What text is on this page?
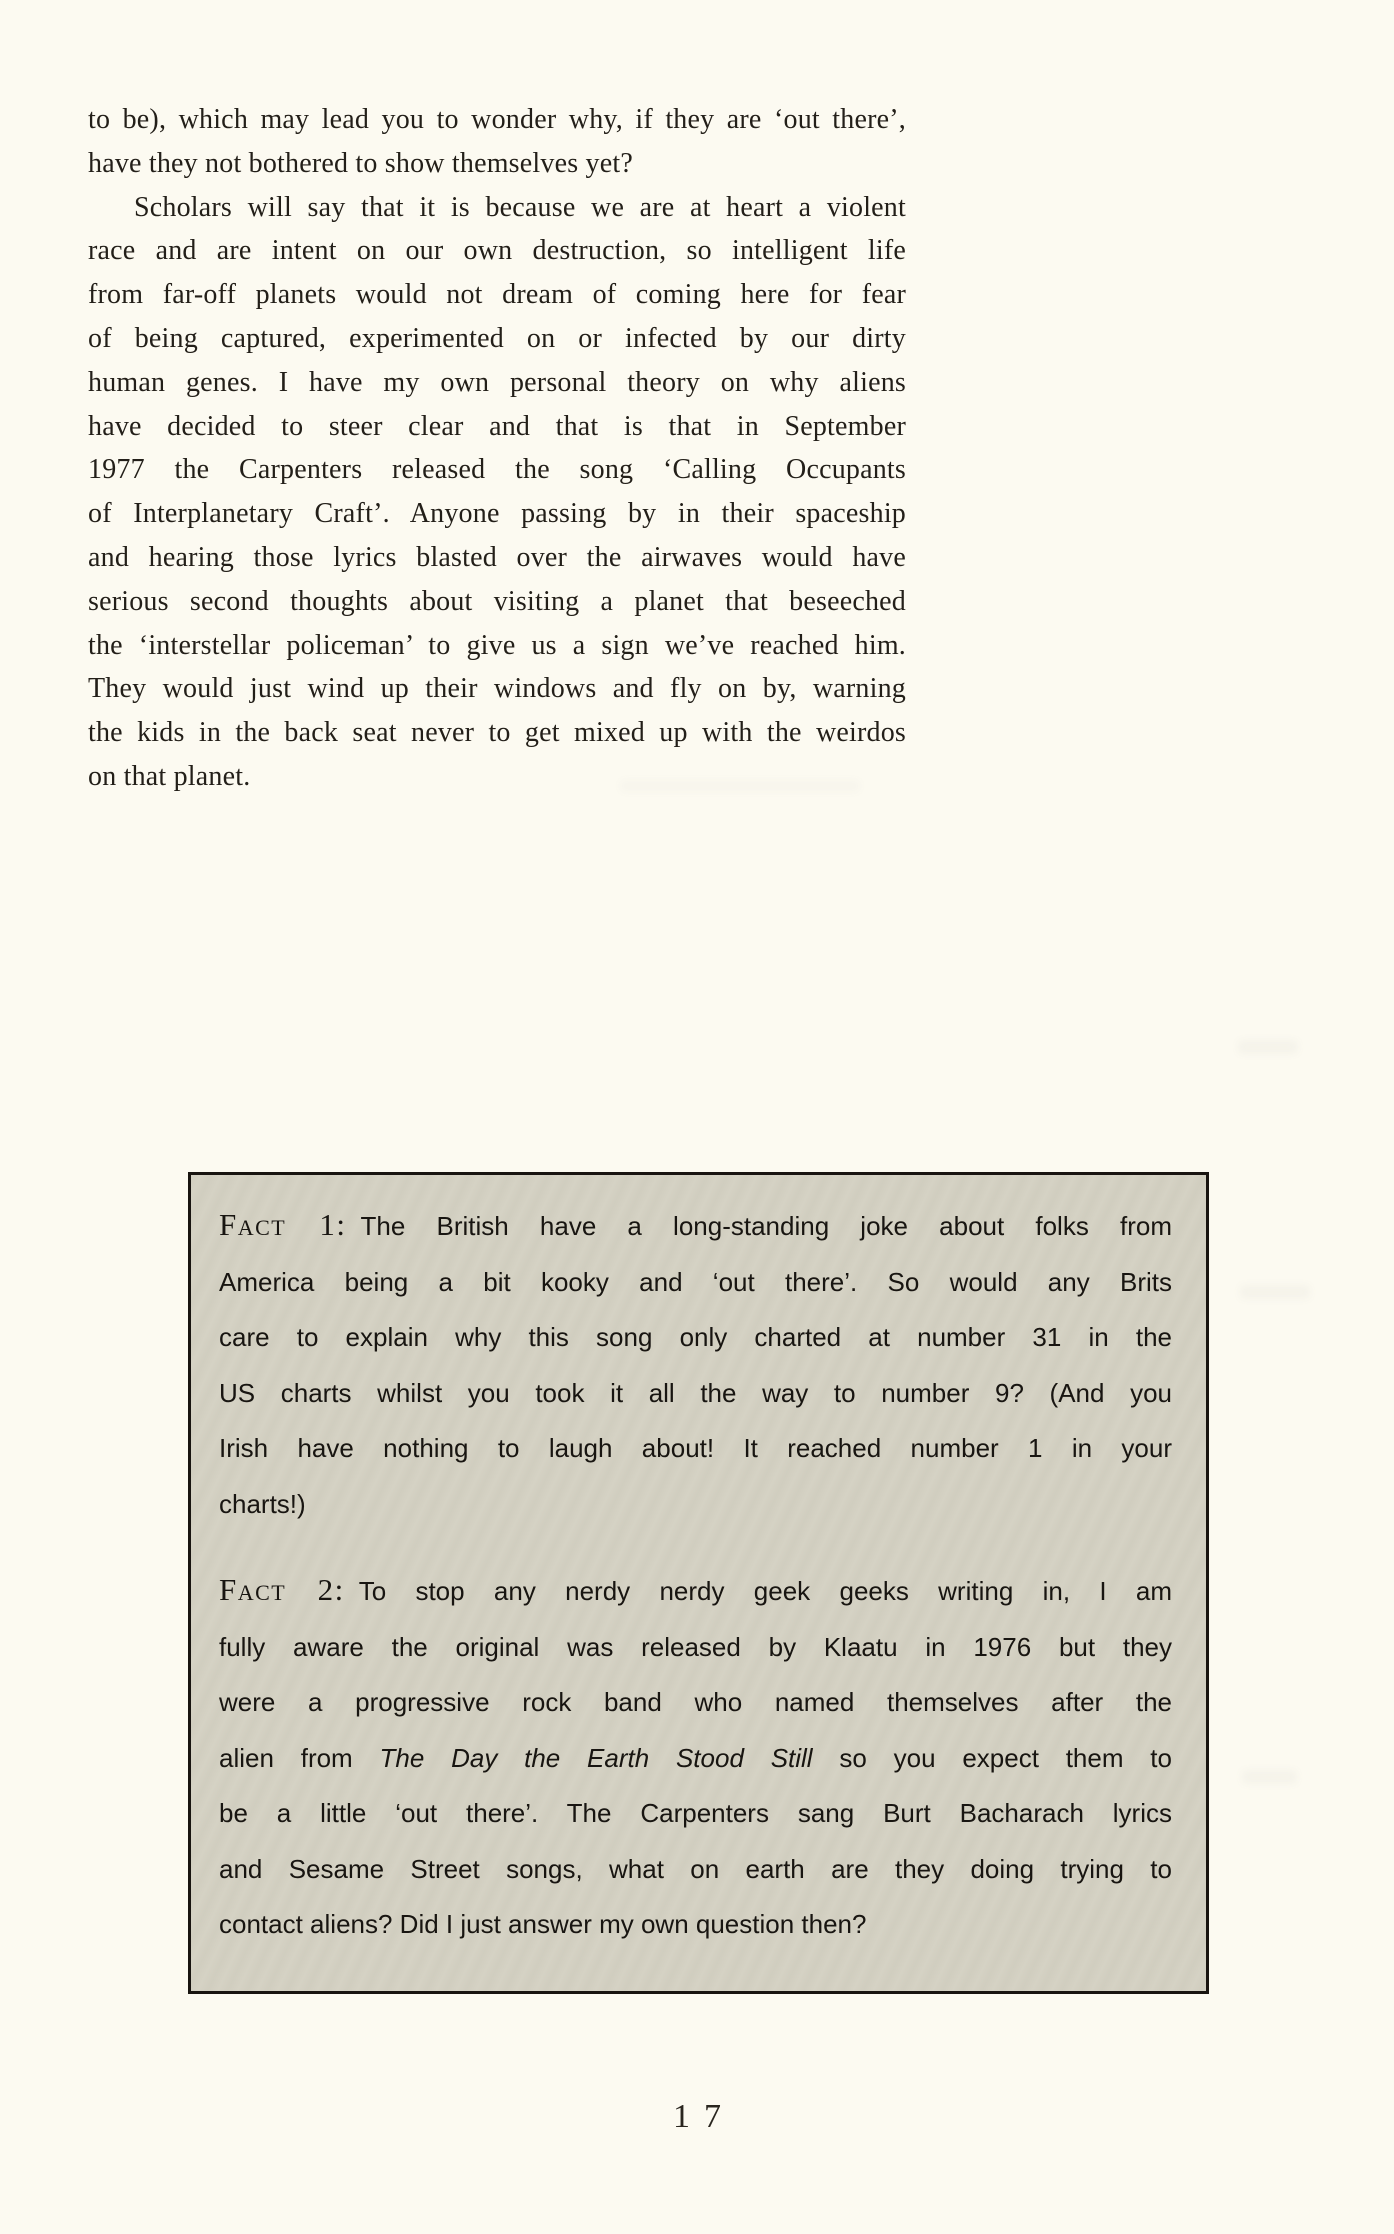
to be), which may lead you to wonder why, if they are ‘out there’,
have they not bothered to show themselves yet?
Scholars will say that it is because we are at heart a violent
race and are intent on our own destruction, so intelligent life
from far-off planets would not dream of coming here for fear
of being captured, experimented on or infected by our dirty
human genes. I have my own personal theory on why aliens
have decided to steer clear and that is that in September
1977 the Carpenters released the song ‘Calling Occupants
of Interplanetary Craft’. Anyone passing by in their spaceship
and hearing those lyrics blasted over the airwaves would have
serious second thoughts about visiting a planet that beseeched
the ‘interstellar policeman’ to give us a sign we’ve reached him.
They would just wind up their windows and fly on by, warning
the kids in the back seat never to get mixed up with the weirdos
on that planet.
Fact 1: The British have a long-standing joke about folks from
America being a bit kooky and ‘out there’. So would any Brits
care to explain why this song only charted at number 31 in the
US charts whilst you took it all the way to number 9? (And you
Irish have nothing to laugh about! It reached number 1 in your
charts!)
Fact 2: To stop any nerdy nerdy geek geeks writing in, I am
fully aware the original was released by Klaatu in 1976 but they
were a progressive rock band who named themselves after the
alien from The Day the Earth Stood Still so you expect them to
be a little ‘out there’. The Carpenters sang Burt Bacharach lyrics
and Sesame Street songs, what on earth are they doing trying to
contact aliens? Did I just answer my own question then?
17
